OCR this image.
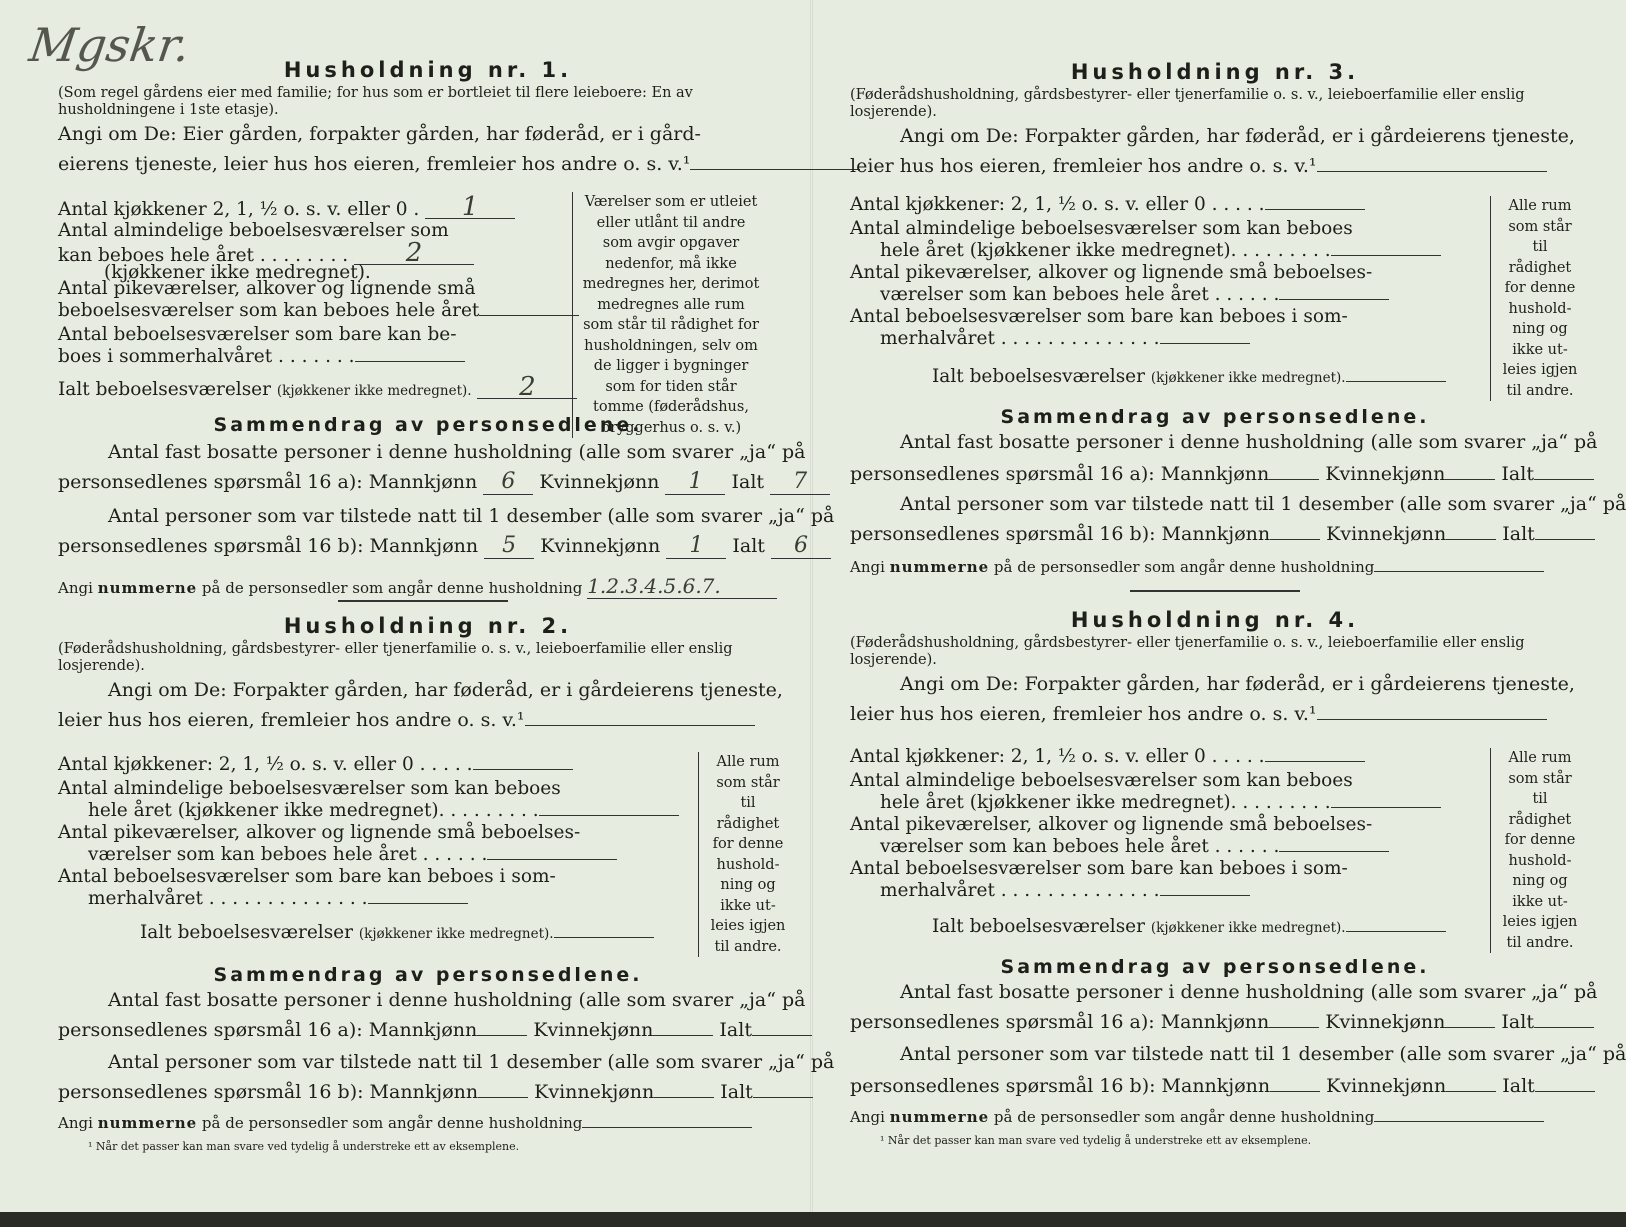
Mgskr.	Husholdning nr. 1.
(Som regel gårdens eier med familie; for hus som er bortleiet til flere leieboere: En av husholdningene i 1ste etasje).
Angi om De: Eier gården, forpakter gården, har føderåd, er i gård-
eierens tjeneste, leier hus hos eieren, fremleier hos andre o. s. v.¹
Antal kjøkkener 2, 1, ½ o. s. v. eller 0 . 1
Antal almindelige beboelsesværelser som
kan beboes hele året . . . . . . . . 2
(kjøkkener ikke medregnet).
Antal pikeværelser, alkover og lignende små
beboelsesværelser som kan beboes hele året
Antal beboelsesværelser som bare kan be-
boes i sommerhalvåret . . . . . . .
Ialt beboelsesværelser (kjøkkener ikke medregnet). 2
Værelser som er utleiet eller utlånt til andre som avgir opgaver nedenfor, må ikke medregnes her, derimot medregnes alle rum som står til rådighet for husholdningen, selv om de ligger i bygninger som for tiden står tomme (føderådshus, bryggerhus o. s. v.)
Sammendrag av personsedlene.
Antal fast bosatte personer i denne husholdning (alle som svarer „ja“ på
personsedlenes spørsmål 16 a): Mannkjønn 6 Kvinnekjønn 1 Ialt 7
Antal personer som var tilstede natt til 1 desember (alle som svarer „ja“ på
personsedlenes spørsmål 16 b): Mannkjønn 5 Kvinnekjønn 1 Ialt 6
Angi nummerne på de personsedler som angår denne husholdning 1.2.3.4.5.6.7.
Husholdning nr. 2.
(Føderådshusholdning, gårdsbestyrer- eller tjenerfamilie o. s. v., leieboerfamilie eller enslig losjerende).
Angi om De: Forpakter gården, har føderåd, er i gårdeierens tjeneste,
leier hus hos eieren, fremleier hos andre o. s. v.¹
Antal kjøkkener: 2, 1, ½ o. s. v. eller 0 . . . . .
Antal almindelige beboelsesværelser som kan beboes
hele året (kjøkkener ikke medregnet). . . . . . . . .
Antal pikeværelser, alkover og lignende små beboelses-
værelser som kan beboes hele året . . . . . .
Antal beboelsesværelser som bare kan beboes i som-
merhalvåret . . . . . . . . . . . . . .
Ialt beboelsesværelser (kjøkkener ikke medregnet).
Alle rum som står til rådighet for denne hushold-ning og ikke ut-leies igjen til andre.
Sammendrag av personsedlene.
Antal fast bosatte personer i denne husholdning (alle som svarer „ja“ på
personsedlenes spørsmål 16 a): Mannkjønn	Kvinnekjønn	Ialt
Antal personer som var tilstede natt til 1 desember (alle som svarer „ja“ på
personsedlenes spørsmål 16 b): Mannkjønn	Kvinnekjønn	Ialt
Angi nummerne på de personsedler som angår denne husholdning
¹ Når det passer kan man svare ved tydelig å understreke ett av eksemplene.
Husholdning nr. 3.
(Føderådshusholdning, gårdsbestyrer- eller tjenerfamilie o. s. v., leieboerfamilie eller enslig losjerende).
Angi om De: Forpakter gården, har føderåd, er i gårdeierens tjeneste,
leier hus hos eieren, fremleier hos andre o. s. v.¹
Antal kjøkkener: 2, 1, ½ o. s. v. eller 0 . . . . .
Antal almindelige beboelsesværelser som kan beboes
hele året (kjøkkener ikke medregnet). . . . . . . . .
Antal pikeværelser, alkover og lignende små beboelses-
værelser som kan beboes hele året . . . . . .
Antal beboelsesværelser som bare kan beboes i som-
merhalvåret . . . . . . . . . . . . . .
Ialt beboelsesværelser (kjøkkener ikke medregnet).
Alle rum som står til rådighet for denne hushold-ning og ikke ut-leies igjen til andre.
Sammendrag av personsedlene.
Antal fast bosatte personer i denne husholdning (alle som svarer „ja“ på
personsedlenes spørsmål 16 a): Mannkjønn	Kvinnekjønn	Ialt
Antal personer som var tilstede natt til 1 desember (alle som svarer „ja“ på
personsedlenes spørsmål 16 b): Mannkjønn	Kvinnekjønn	Ialt
Angi nummerne på de personsedler som angår denne husholdning
Husholdning nr. 4.
(Føderådshusholdning, gårdsbestyrer- eller tjenerfamilie o. s. v., leieboerfamilie eller enslig losjerende).
Angi om De: Forpakter gården, har føderåd, er i gårdeierens tjeneste,
leier hus hos eieren, fremleier hos andre o. s. v.¹
Antal kjøkkener: 2, 1, ½ o. s. v. eller 0 . . . . .
Antal almindelige beboelsesværelser som kan beboes
hele året (kjøkkener ikke medregnet). . . . . . . . .
Antal pikeværelser, alkover og lignende små beboelses-
værelser som kan beboes hele året . . . . . .
Antal beboelsesværelser som bare kan beboes i som-
merhalvåret . . . . . . . . . . . . . .
Ialt beboelsesværelser (kjøkkener ikke medregnet).
Alle rum som står til rådighet for denne hushold-ning og ikke ut-leies igjen til andre.
Sammendrag av personsedlene.
Antal fast bosatte personer i denne husholdning (alle som svarer „ja“ på
personsedlenes spørsmål 16 a): Mannkjønn	Kvinnekjønn	Ialt
Antal personer som var tilstede natt til 1 desember (alle som svarer „ja“ på
personsedlenes spørsmål 16 b): Mannkjønn	Kvinnekjønn	Ialt
Angi nummerne på de personsedler som angår denne husholdning
¹ Når det passer kan man svare ved tydelig å understreke ett av eksemplene.
